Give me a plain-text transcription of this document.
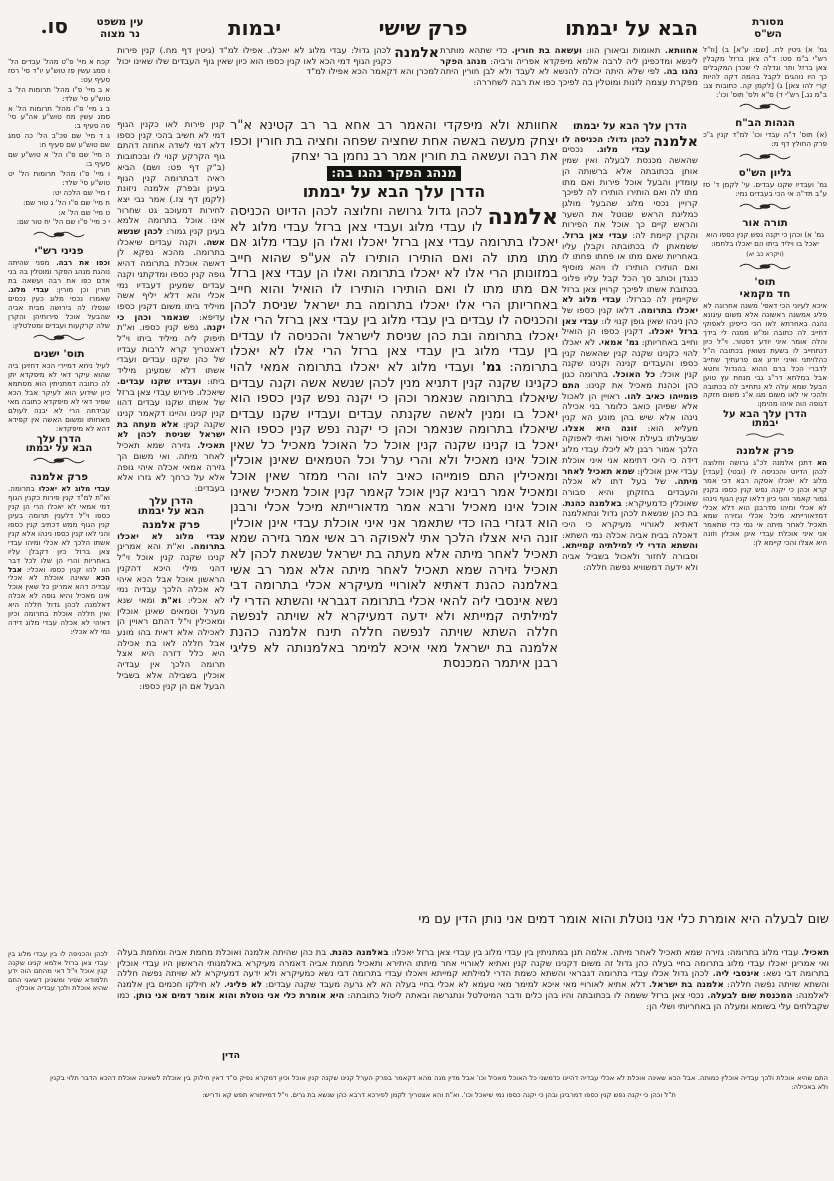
מסורת
הש"ס
הבא על יבמתו
פרק שישי
יבמות
עין משפט
נר מצוה
סו.

קכח א מיי' פ"ט מהל' עבדים הל' ו סמג עשין פז טוש"ע יו"ד סי' רסז סעיף עט:

א ב מיי' פ"ו מהל' תרומות הל' ב טוש"ע סי' שלד:

ב ג מיי' פ"ו מהל' תרומות הל' א סמג עשין מח טוש"ע אה"ע סי' פה סעיף ב:

ג ד מיי' שם פכ"ב הל' כה סמג שם טוש"ע שם סעיף ח:

ה מיי' שם פ"ו הל' א טוש"ע שם סעיף ב:

ו מיי' פ"ו מהל' תרומות הל' יט טוש"ע סי' שלד:

ז מיי' שם הלכה יט:

ח מיי' שם פ"ו הל' ג טור שם:

ט מיי' שם הל' א:

י כ מיי' פ"ו שם הל' יח טור שם:

פניני רש"י
וכפו את רבה. מפני שהיתה נוהגת מנהג הפקר ומוטלין בה בני אדם כפו את רבה ועשאה בת חורין וכן מורין: עבדי מלוג. שאמרו נכסי מלוג כעין נכסים שנפלו לה בירושה מבית אביה שהבעל אוכל פירותיהן והקרן שלה קרקעות ועבדים ומטלטלין:
תוס' ישנים

לעיל ניחא דמיירי הכא דחזינן ביה שהוא עיקר דאי לא מיפקדא יתן לה כתובה דמתניתין הוא מסתמא כיון שידוע הוא לעיקר אבל הכא שפיר דאי לא מיפקדא כתובה מאי עבידתה הרי לא יבנה לעולם מאחותו ומשום האשה אין קפידא דהא לא מיפקדא:

הדרן עלך
הבא על יבמתו
פרק אלמנה
עבדי מלוג לא יאכלו בתרומה. וא"ת למ"ד קנין פירות כקנין הגוף דמי אמאי לא יאכלו הרי הן קנין כספו וי"ל דלענין תרומה בעינן קנין הגוף ממש דכתיב קנין כספו והני לאו קנין כספו נינהו אלא קנין אשתו הלכך לא אכלי ומיהו עבדי צאן ברזל כיון דקבלן עליו באחריות והרי הן שלו לכל דבר הוו להו קנין כספו ואכלי: אבל הכא שאינה אוכלת לא אכלי עבדיה דהא אמרינן כל שאין אוכל אינו מאכיל והיא גופה לא אכלה דאלמנה לכהן גדול חללה היא ואין חללה אוכלת בתרומה וכיון דאיהי לא אכלה עבדי מלוג דידה נמי לא אכלי:
אלמנה
לכהן גדול: עבדי מלוג לא יאכלו. אפילו למ"ד (גיטין דף מח.) קנין פירות כקנין הגוף דמי הכא לאו קנין כספו הוא כיון שאין גוף העבדים שלו שאינו יכול למכרן והא דקאמר הכא אפילו למ"ד
קנין פירות לאו כקנין הגוף דמי לא חשיב בהכי קנין כספו דלא דמי לשדה אחוזה דהתם גוף הקרקע קנוי לו ובכתובות (ב"ק דף פט: ושם) הביא ראיה דבתרומה קנין הגוף בעינן ובפרק אלמנה ניזונת (לקמן דף צז.) אמר גבי יצא לחירות דמעוכב גט שחרור אינו אוכל בתרומה אלמא בעינן קנין גמור: לכהן שנשא אשה. וקנה עבדים שיאכלו בתרומה. מהכא נפקא לן דאשה אוכלת בתרומה דהיא גופה קנין כספו ומדקתני וקנה עבדים שמעינן דעבדיו נמי אכלי והא דלא יליף אשה מויליד ביתו משום דקנין כספו עדיפא: שנאמר וכהן כי יקנה. נפש קנין כספו. וא"ת תיפוק ליה מיליד ביתו וי"ל דאצטריך קרא לרבות עבדיו של כהן שקנו עבדים ועבדי אשתו דלא שמעינן מיליד ביתו: ועבדיו שקנו עבדים. שיאכלו. פירוש עבדי צאן ברזל של אשתו שקנו עבדים דהוו קנין קנינו והיינו דקאמר קנינו שקנה קנין: אלא מעתה בת ישראל שניסת לכהן לא תאכיל. גזירה שמא תאכיל לאחר מיתה. ואי משום הך גזירה אמאי אכלה איהי גופה אלא על כרחך לא גזרו אלא בעבדים:
הדרן עלך
הבא על יבמתו
פרק אלמנה
עבדי מלוג לא יאכלו בתרומה. וא"ת והא אמרינן קנינו שקנה קנין אוכל וי"ל דהני מילי היכא דהקנין הראשון אוכל אבל הכא איהי לא אכלה הלכך עבדיה נמי לא אכלי: וא"ת ומאי שנא מערל וטמאים שאינן אוכלין ומאכילין וי"ל דהתם ראויין הן לאכילה אלא דאית בהו מונע אבל חללה לאו בת אכילה היא כלל דזרה היא אצל תרומה הלכך אין עבדיה אוכלין בשבילה אלא בשביל הבעל אם הן קנין כספו:

אחוותא ולא מיפקדי והאמר רב אחא בר רב קטינא א"ר יצחק מעשה באשה אחת שחציה שפחה וחציה בת חורין וכפו את רבה ועשאה בת חורין אמר רב נחמן בר יצחק

מנהג הפקר נהגו בה:

הדרן עלך הבא על יבמתו

אלמנה
לכהן גדול גרושה וחלוצה לכהן הדיוט הכניסה לו עבדי מלוג ועבדי צאן ברזל עבדי מלוג לא יאכלו בתרומה עבדי צאן ברזל יאכלו ואלו הן עבדי מלוג אם מתו מתו לה ואם הותירו הותירו לה אע"פ שהוא חייב במזונותן הרי אלו לא יאכלו בתרומה ואלו הן עבדי צאן ברזל אם מתו מתו לו ואם הותירו הותירו לו הואיל והוא חייב באחריותן הרי אלו יאכלו בתרומה בת ישראל שניסת לכהן והכניסה לו עבדים בין עבדי מלוג בין עבדי צאן ברזל הרי אלו יאכלו בתרומה ובת כהן שניסת לישראל והכניסה לו עבדים בין עבדי מלוג בין עבדי צאן ברזל הרי אלו לא יאכלו בתרומה: גמ' ועבדי מלוג לא יאכלו בתרומה אמאי להוי כקנינו שקנה קנין דתניא מנין לכהן שנשא אשה וקנה עבדים שיאכלו בתרומה שנאמר וכהן כי יקנה נפש קנין כספו הוא יאכל בו ומנין לאשה שקנתה עבדים ועבדיו שקנו עבדים שיאכלו בתרומה שנאמר וכהן כי יקנה נפש קנין כספו הוא יאכל בו קנינו שקנה קנין אוכל כל האוכל מאכיל כל שאין אוכל אינו מאכיל ולא והרי ערל וכל הטמאים שאינן אוכלין ומאכילין התם פומייהו כאיב להו והרי ממזר שאין אוכל ומאכיל אמר רבינא קנין אוכל קאמר קנין אוכל מאכיל שאינו אוכל אינו מאכיל ורבא אמר מדאורייתא מיכל אכלי ורבנן הוא דגזרי בהו כדי שתאמר אני איני אוכלת עבדי אינן אוכלין זונה היא אצלו הלכך אתי לאפוקה רב אשי אמר גזירה שמא תאכיל לאחר מיתה אלא מעתה בת ישראל שנשאת לכהן לא תאכיל גזירה שמא תאכיל לאחר מיתה אלא אמר רב אשי באלמנה כהנת דאתיא לאורויי מעיקרא אכלי בתרומה דבי נשא אינסבי ליה להאי אכלי בתרומה דגבראי והשתא הדרי לי למילתיה קמייתא ולא ידעה דמעיקרא לא שויתה לנפשה חללה השתא שויתה לנפשה חללה תינח אלמנה כהנת אלמנה בת ישראל מאי איכא למימר באלמנותה לא פליגי רבנן איתמר המכנסת

שום לבעלה היא אומרת כלי אני נוטלת והוא אומר דמים אני נותן הדין עם מי
אחוותא. תאומות וביאורן הוו: ועשאה בת חורין. כדי שתהא מותרת לינשא ומדכפינן ליה לרבה אלמא מיפקדא אפריה ורביה: מנהג הפקר נהגו בה. לפי שלא היתה יכולה להנשא לא לעבד ולא לבן חורין היתה מפקרת עצמה לזנות ומוטלין בה לפיכך כפו את רבה לשחררה:
הדרן עלך הבא על יבמתו
אלמנה
לכהן גדול: הכניסה לו עבדי מלוג. נכסים שהאשה מכנסת לבעלה ואין שמין אותן בכתובתה אלא ברשותה הן עומדין והבעל אוכל פירות ואם מתו מתו לה ואם הותירו הותירו לה לפיכך קרויין נכסי מלוג שהבעל מולגן כמליגת הראש שנוטל את השער והראש קיים כך אוכל את הפירות והקרן קיימת לה: עבדי צאן ברזל. ששמאתן לו בכתובתה וקבלן עליו באחריות שאם מתו או פחתו פחתו לו ואם הותירו הותירו לו ויהא מוסיף כנגדן וכותב סך הכל קבל עליו פלוני בכתובת אשתו לפיכך קרויין צאן ברזל שקיימין לה כברזל: עבדי מלוג לא יאכלו בתרומה. דלאו קנין כספו של כהן נינהו שאין גופן קנוי לו: עבדי צאן ברזל יאכלו. דקנין כספו הן הואיל וחייב באחריותן: גמ' אמאי. לא יאכלו להוי כקנינו שקנה קנין שהאשה קנין כספו והעבדים קנינה וקנינו שקנה קנין אוכל: כל האוכל. בתרומה כגון כהן וכהנת מאכיל את קנינו: התם פומייהו כאיב להו. ראויין הן לאכול אלא שפיהן כואב כלומר בני אכילה נינהו אלא שיש בהן מונע הא קנין מעליא הוא: זונה היא אצלו. שבעילתו בעילת איסור ואתי לאפוקה הלכך אמור רבנן לא ליכלו עבדי מלוג דידה כי היכי דתימא אני איני אוכלת עבדי אינן אוכלין: שמא תאכיל לאחר מיתה. של בעל דתו לא אכלה והעבדים בחזקתן והיא סבורה שאוכלין כדמעיקרא: באלמנה כהנת. בת כהן שנשאת לכהן גדול ונתאלמנה דאתיא לאורויי מעיקרא כי היכי דאכלה בבית אביה אכלה נמי השתא: והשתא הדרי לי למילתיה קמייתא. וסבורה לחזור ולאכול בשביל אביה ולא ידעה דמשוויא נפשה חללה:

גמ' א) גיטין לח. [שם: ע"א] ב) [וז"ל רש"י ב"מ סט: ד"ה צאן ברזל מקבלין צאן ברזל ותר וגדלה לי שכרן המקבלים כך היו נוהגים לקבל בהמה דקה להיות קרי להו צאן] ג) [לקמן קה. כתובות צג: ב"מ נג.] רש"י ד) ס"א ולס' תוס' וכו':

הגהות הב"ח

(א) תוס' ד"ה עבדי וכו' למ"ד קנין ג"כ פרק החולץ דף מ:

גליון הש"ס

גמ' ועבדיו שקנו עבדים. עי' לקמן ד' סז ע"ב תד"ה אי הכי בעבדים נמי:

תורה אור

גמ' א) וכהן כי יקנה נפש קנין כספו הוא יאכל בו ויליד ביתו הם יאכלו בלחמו:

(ויקרא כב יא)

תוס'
חד מקמאי

איכא לעיוני הכי דאפי' משנה אחרונה לא פליג אמשנה ראשונה אלא משום עיגונא נהגה באחרתא לאו הכי כייפינן לאפוקי דחייב לה כתובה ומ"ש ממנה לי בידך והלה אומר איני יודע דפטור. וי"ל כיון דנתחייב לו בשעת נשואין בכתובה ה"ל כהלויתני ואיני יודע אם פרעתיך שחייב לדברי הכל ברם ההוא בהנדול וחטא אבל במלתא דר"ג גבי מנחת עץ טוען הבעל שמא עלה לא נתחייב לה בכתובה ולהכי אי לאו משום מגו א"נ משום חזקה דגופה הוה איהו מהימן:

הדרן עלך הבא על
יבמתו
פרק אלמנה

הא דתנן אלמנה לכ"ג גרושה וחלוצה לכהן הדיוט והכניסה לו (ובטי) [עבדי] מלוג לא יאכלו אסקה רבא דכי אמר קרא וכהן כי יקנה נפש קנין כספו בקנין גמור קאמר והני כיון דלאו קנין הגוף נינהו לא אכלי ומיהו מדרבנן הוא דלא אכלי דמדאורייתא מיכל אכלי וגזירה שמא תאכיל לאחר מיתה אי נמי כדי שתאמר אני איני אוכלת עבדי אינן אוכלין וזונה היא אצלו והכי קיימא לן:

לכהן והכניסה לו בין עבדי מלוג בין עבדי צאן ברזל אלמא קנינו שקנה קנין אוכל וי"ל דאי מהתם הוה ידע תלמודא שפיר ומשנינן דשאני התם שהיא אוכלת ולכך עבדיה אוכלין:
תאכיל. עבדי מלוג בתרומה: גזירה שמא תאכיל לאחר מיתה. אלמה תנן במתניתין בין עבדי מלוג בין עבדי צאן ברזל יאכלו: באלמנה כהנת. בת כהן שהיתה אלמנה ואוכלת מחמת אביה ומחמת בעלה ואי אמרינן יאכלו עבדי מלוג בתרומה בחיי בעלה כהן גדול זה משום דקנינו שקנה קנין ואתיא לאורויי אחר מיתתו היתירא ותאכיל מחמת אביה דאמרה מעיקרא באלמנותי הראשון היו עבדי אוכלין בתרומה דבי נשא: אינסבי ליה. לכהן גדול אכלו עבדי בתרומה דגבראי והשתא כשמת הדרי למילתא קמייתא ויאכלו עבדי בתרומה דבי נשא כמעיקרא ולא ידעה דמעיקרא לא שויתה נפשה חללה והשתא שויתה נפשה חללה: אלמנה בת ישראל. דלא אתיא לאורויי מאי איכא למימר מאי טעמא לא אכלי בחיי בעלה הא לא גרעה מעבד שקנה עבדים: לא פליגי. לא חילקו חכמים בין אלמנה לאלמנה: המכנסת שום לבעלה. נכסי צאן ברזל ששמה לו בכתובתה והיו בהן כלים ודבר המיטלטל ונתגרשה ובאתה ליטול כתובתה: היא אומרת כלי אני נוטלת והוא אומר דמים אני נותן. כמו שקבלתים עלי בשומא ומעלה הן באחריותי ושלי הן:
הדין

התם שהיא אוכלת ולכך עבדיה אוכלין כמותה. אבל הכא שאינה אוכלת לא אכלי עבדיה דהיינו כדמשני כל האוכל מאכיל וכו' אבל מדין מנה מהא דקאמר בפרק הערל קנינו שקנה קנין אוכל וכיון דמקרא נפיק ס"ד דאין חילוק בין אוכלת לשאינה אוכלת דהכא הדבר תלוי בקנין ולא באכילה:

ת"ל וכהן כי יקנה נפש קנין כספו דמרבינן ובהן כי יקנה כספו נמי שיאכל וכו'. וא"ת והא אצטריך לקמן לפירכא דרבא כהן שנשא בת גרים. וי"ל דמייתורא תפש קא ודריש:
